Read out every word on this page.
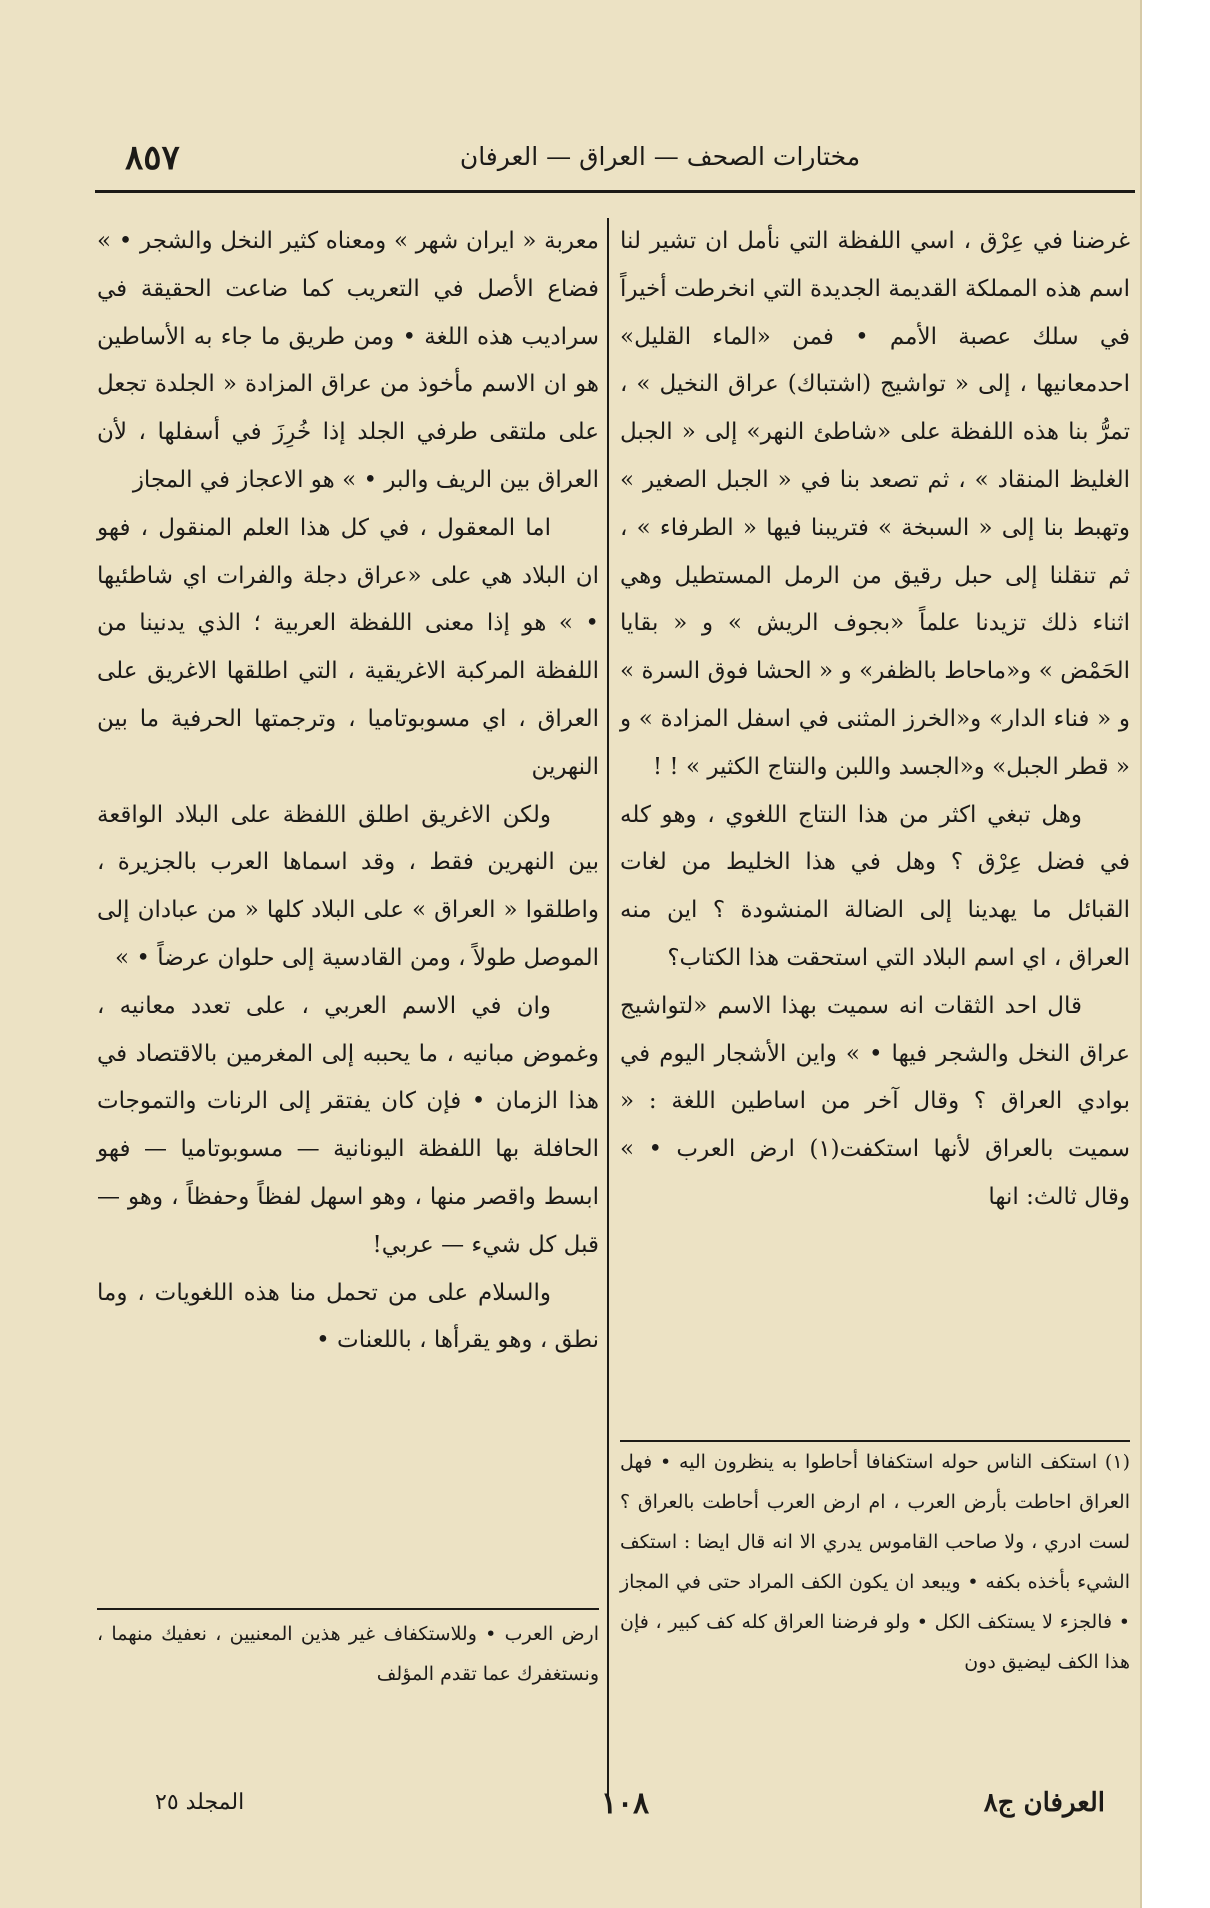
٨٥٧	مختارات الصحف — العراق — العرفان

غرضنا في عِرْق ، اسي اللفظة التي نأمل ان تشير لنا اسم هذه المملكة القديمة الجديدة التي انخرطت أخيراً في سلك عصبة الأمم • فمن «الماء القليل» احدمعانيها ، إلى « تواشيج (اشتباك) عراق النخيل » ، تمرُّ بنا هذه اللفظة على «شاطئ النهر» إلى « الجبل الغليظ المنقاد » ، ثم تصعد بنا في « الجبل الصغير » وتهبط بنا إلى « السبخة » فتريبنا فيها « الطرفاء » ، ثم تنقلنا إلى حبل رقيق من الرمل المستطيل وهي اثناء ذلك تزيدنا علماً «بجوف الريش » و « بقايا الحَمْض » و«ماحاط بالظفر» و « الحشا فوق السرة » و « فناء الدار» و«الخرز المثنى في اسفل المزادة » و « قطر الجبل» و«الجسد واللبن والنتاج الكثير » ! !

وهل تبغي اكثر من هذا النتاج اللغوي ، وهو كله في فضل عِرْق ؟ وهل في هذا الخليط من لغات القبائل ما يهدينا إلى الضالة المنشودة ؟ اين منه العراق ، اي اسم البلاد التي استحقت هذا الكتاب؟

قال احد الثقات انه سميت بهذا الاسم «لتواشيج عراق النخل والشجر فيها • » واين الأشجار اليوم في بوادي العراق ؟ وقال آخر من اساطين اللغة : « سميت بالعراق لأنها استكفت(١) ارض العرب • » وقال ثالث: انها

(١) استكف الناس حوله استكفافا أحاطوا به ينظرون اليه • فهل العراق احاطت بأرض العرب ، ام ارض العرب أحاطت بالعراق ؟ لست ادري ، ولا صاحب القاموس يدري الا انه قال ايضا : استكف الشيء بأخذه بكفه • ويبعد ان يكون الكف المراد حتى في المجاز • فالجزء لا يستكف الكل • ولو فرضنا العراق كله كف كبير ، فإن هذا الكف ليضيق دون

معربة « ايران شهر » ومعناه كثير النخل والشجر • » فضاع الأصل في التعريب كما ضاعت الحقيقة في سراديب هذه اللغة • ومن طريق ما جاء به الأساطين هو ان الاسم مأخوذ من عراق المزادة « الجلدة تجعل على ملتقى طرفي الجلد إذا خُرِزَ في أسفلها ، لأن العراق بين الريف والبر • » هو الاعجاز في المجاز

اما المعقول ، في كل هذا العلم المنقول ، فهو ان البلاد هي على «عراق دجلة والفرات اي شاطئيها • » هو إذا معنى اللفظة العربية ؛ الذي يدنينا من اللفظة المركبة الاغريقية ، التي اطلقها الاغريق على العراق ، اي مسوبوتاميا ، وترجمتها الحرفية ما بين النهرين

ولكن الاغريق اطلق اللفظة على البلاد الواقعة بين النهرين فقط ، وقد اسماها العرب بالجزيرة ، واطلقوا « العراق » على البلاد كلها « من عبادان إلى الموصل طولاً ، ومن القادسية إلى حلوان عرضاً • »

وان في الاسم العربي ، على تعدد معانيه ، وغموض مبانيه ، ما يحببه إلى المغرمين بالاقتصاد في هذا الزمان • فإن كان يفتقر إلى الرنات والتموجات الحافلة بها اللفظة اليونانية — مسوبوتاميا — فهو ابسط واقصر منها ، وهو اسهل لفظاً وحفظاً ، وهو — قبل كل شيء — عربي!

والسلام على من تحمل منا هذه اللغويات ، وما نطق ، وهو يقرأها ، باللعنات •

ارض العرب • وللاستكفاف غير هذين المعنيين ، نعفيك منهما ، ونستغفرك عما تقدم المؤلف
المجلد ٢٥	١٠٨	العرفان ج٨
